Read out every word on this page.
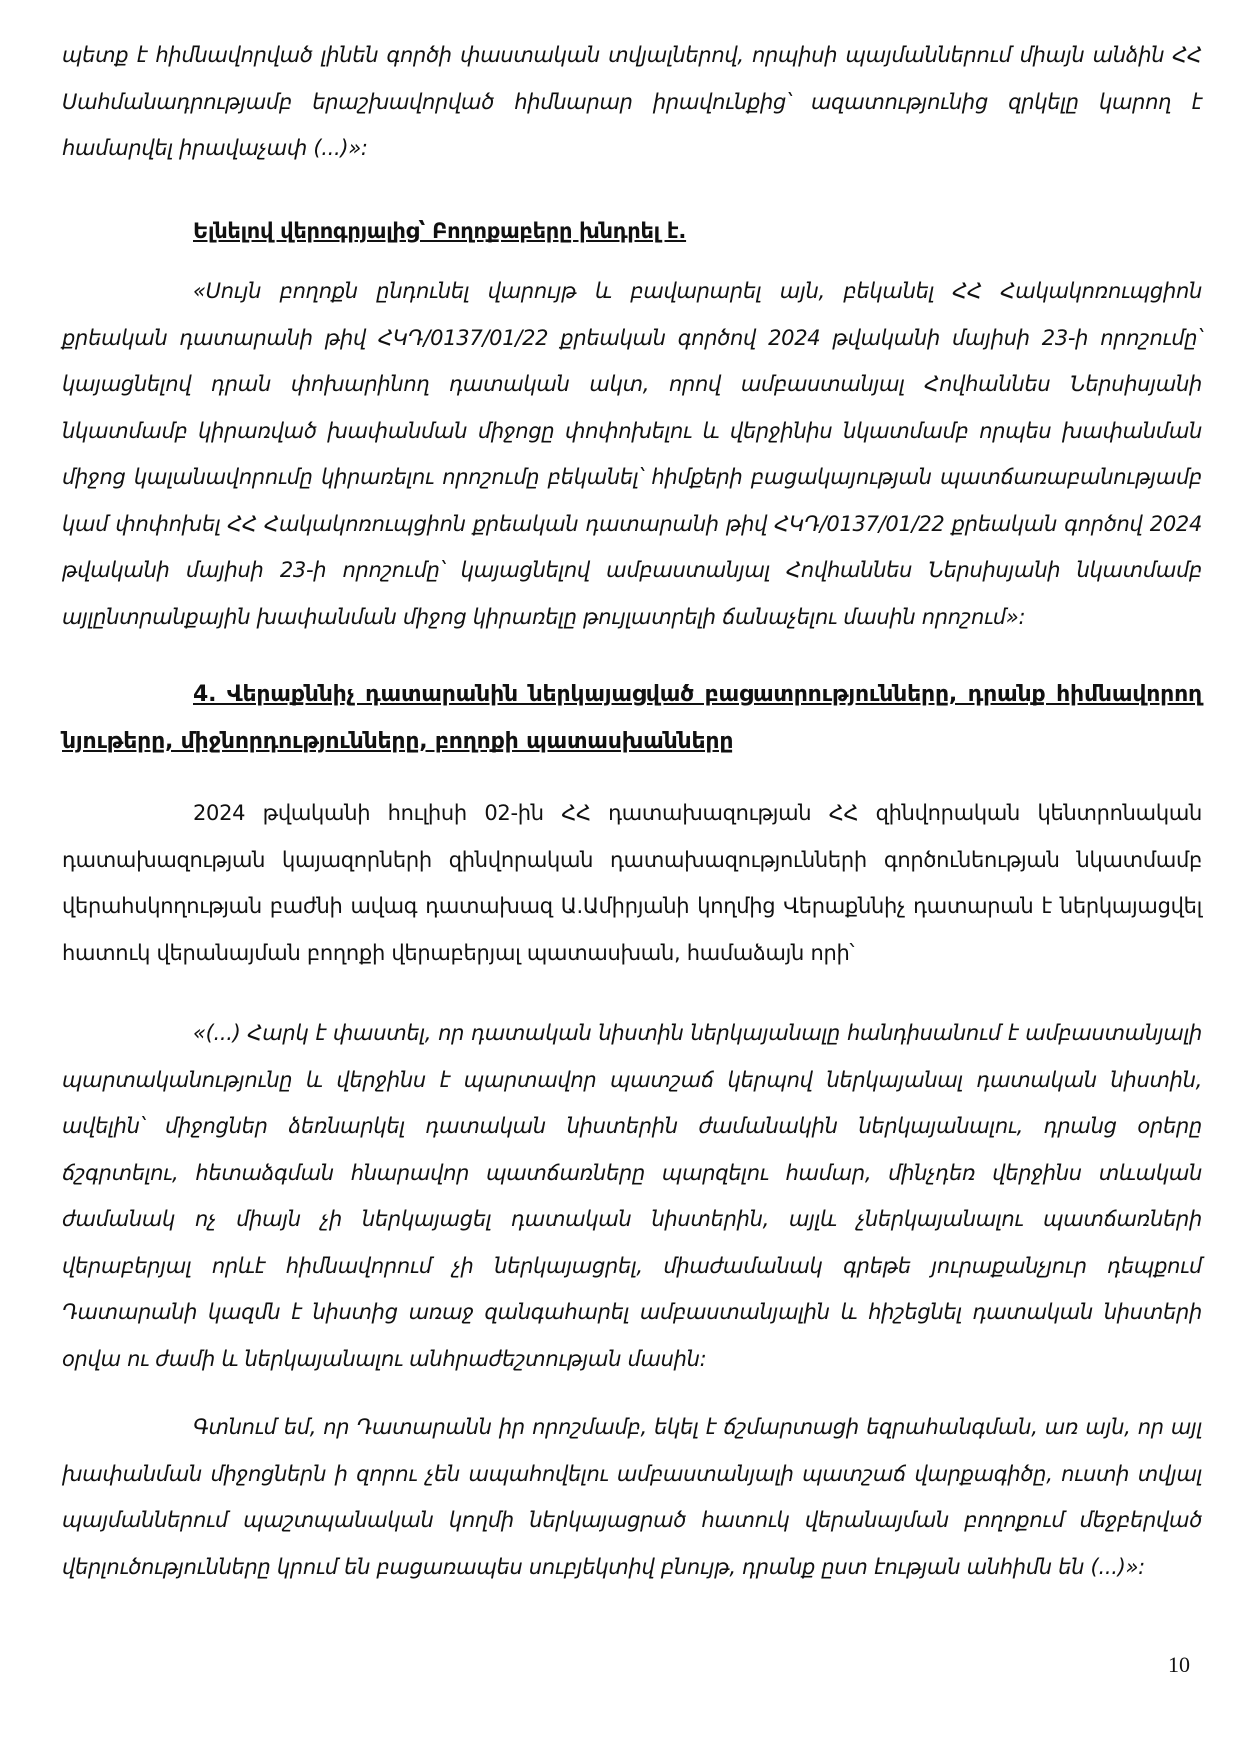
պետք է հիմնավորված լինեն գործի փաստական տվյալներով, որպիսի պայմաններում միայն անձին ՀՀ Սահմանադրությամբ երաշխավորված հիմնարար իրավունքից՝ ազատությունից զրկելը կարող է համարվել իրավաչափ (...)»:

Ելնելով վերոգրյալից՝ Բողոքաբերը խնդրել է.

«Սույն բողոքն ընդունել վարույթ և բավարարել այն, բեկանել ՀՀ Հակակոռուպցիոն քրեական դատարանի թիվ ՀԿԴ/0137/01/22 քրեական գործով 2024 թվականի մայիսի 23-ի որոշումը՝ կայացնելով դրան փոխարինող դատական ակտ, որով ամբաստանյալ Հովհաննես Ներսիսյանի նկատմամբ կիրառված խափանման միջոցը փոփոխելու և վերջինիս նկատմամբ որպես խափանման միջոց կալանավորումը կիրառելու որոշումը բեկանել՝ հիմքերի բացակայության պատճառաբանությամբ կամ փոփոխել ՀՀ Հակակոռուպցիոն քրեական դատարանի թիվ ՀԿԴ/0137/01/22 քրեական գործով 2024 թվականի մայիսի 23-ի որոշումը՝ կայացնելով ամբաստանյալ Հովհաննես Ներսիսյանի նկատմամբ այլընտրանքային խափանման միջոց կիրառելը թույլատրելի ճանաչելու մասին որոշում»:

4. Վերաքննիչ դատարանին ներկայացված բացատրությունները, դրանք հիմնավորող նյութերը, միջնորդությունները, բողոքի պատասխանները

2024 թվականի հուլիսի 02-ին ՀՀ դատախազության ՀՀ զինվորական կենտրոնական դատախազության կայազորների զինվորական դատախազությունների գործունեության նկատմամբ վերահսկողության բաժնի ավագ դատախազ Ա.Ամիրյանի կողմից Վերաքննիչ դատարան է ներկայացվել հատուկ վերանայման բողոքի վերաբերյալ պատասխան, համաձայն որի՝

«(...) Հարկ է փաստել, որ դատական նիստին ներկայանալը հանդիսանում է ամբաստանյալի պարտականությունը և վերջինս է պարտավոր պատշաճ կերպով ներկայանալ դատական նիստին, ավելին՝ միջոցներ ձեռնարկել դատական նիստերին ժամանակին ներկայանալու, դրանց օրերը ճշգրտելու, հետաձգման հնարավոր պատճառները պարզելու համար, մինչդեռ վերջինս տևական ժամանակ ոչ միայն չի ներկայացել դատական նիստերին, այլև չներկայանալու պատճառների վերաբերյալ որևէ հիմնավորում չի ներկայացրել, միաժամանակ գրեթե յուրաքանչյուր դեպքում Դատարանի կազմն է նիստից առաջ զանգահարել ամբաստանյալին և հիշեցնել դատական նիստերի օրվա ու ժամի և ներկայանալու անհրաժեշտության մասին:

Գտնում եմ, որ Դատարանն իր որոշմամբ, եկել է ճշմարտացի եզրահանգման, առ այն, որ այլ խափանման միջոցներն ի զորու չեն ապահովելու ամբաստանյալի պատշաճ վարքագիծը, ուստի տվյալ պայմաններում պաշտպանական կողմի ներկայացրած հատուկ վերանայման բողոքում մեջբերված վերլուծությունները կրում են բացառապես սուբյեկտիվ բնույթ, դրանք ըստ էության անհիմն են (...)»:

10
